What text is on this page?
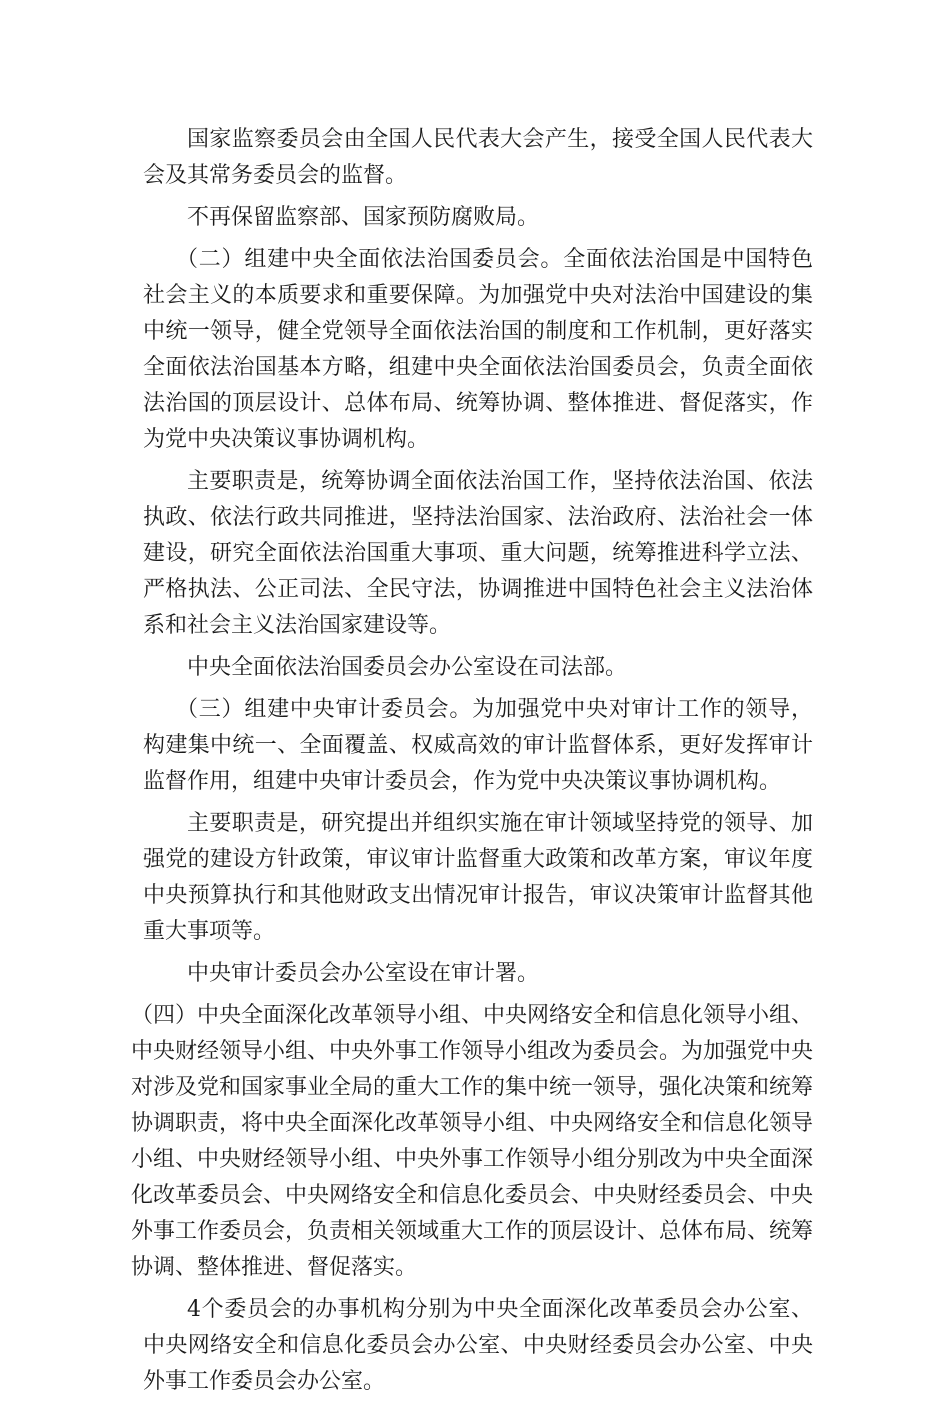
国家监察委员会由全国人民代表大会产生，接受全国人民代表大会及其常务委员会的监督。

不再保留监察部、国家预防腐败局。

（二）组建中央全面依法治国委员会。全面依法治国是中国特色社会主义的本质要求和重要保障。为加强党中央对法治中国建设的集中统一领导，健全党领导全面依法治国的制度和工作机制，更好落实全面依法治国基本方略，组建中央全面依法治国委员会，负责全面依法治国的顶层设计、总体布局、统筹协调、整体推进、督促落实，作为党中央决策议事协调机构。

主要职责是，统筹协调全面依法治国工作，坚持依法治国、依法执政、依法行政共同推进，坚持法治国家、法治政府、法治社会一体建设，研究全面依法治国重大事项、重大问题，统筹推进科学立法、严格执法、公正司法、全民守法，协调推进中国特色社会主义法治体系和社会主义法治国家建设等。

中央全面依法治国委员会办公室设在司法部。

（三）组建中央审计委员会。为加强党中央对审计工作的领导，构建集中统一、全面覆盖、权威高效的审计监督体系，更好发挥审计监督作用，组建中央审计委员会，作为党中央决策议事协调机构。

主要职责是，研究提出并组织实施在审计领域坚持党的领导、加强党的建设方针政策，审议审计监督重大政策和改革方案，审议年度中央预算执行和其他财政支出情况审计报告，审议决策审计监督其他重大事项等。

中央审计委员会办公室设在审计署。

（四）中央全面深化改革领导小组、中央网络安全和信息化领导小组、中央财经领导小组、中央外事工作领导小组改为委员会。为加强党中央对涉及党和国家事业全局的重大工作的集中统一领导，强化决策和统筹协调职责，将中央全面深化改革领导小组、中央网络安全和信息化领导小组、中央财经领导小组、中央外事工作领导小组分别改为中央全面深化改革委员会、中央网络安全和信息化委员会、中央财经委员会、中央外事工作委员会，负责相关领域重大工作的顶层设计、总体布局、统筹协调、整体推进、督促落实。

4个委员会的办事机构分别为中央全面深化改革委员会办公室、中央网络安全和信息化委员会办公室、中央财经委员会办公室、中央外事工作委员会办公室。
